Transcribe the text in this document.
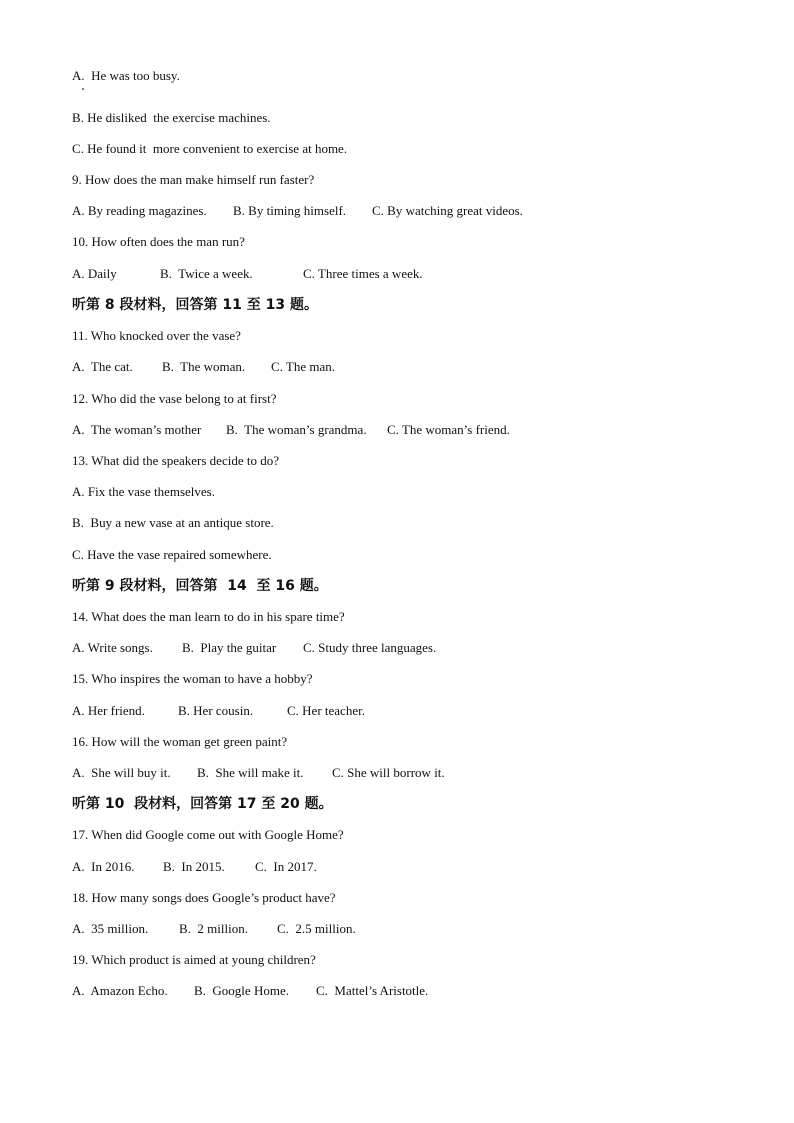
A.  He was too busy.
B. He disliked  the exercise machines.
C. He found it  more convenient to exercise at home.
9. How does the man make himself run faster?
A. By reading magazines. B. By timing himself. C. By watching great videos.
10. How often does the man run?
A. Daily	B.  Twice a week.	C. Three times a week.
听第 8 段材料，回答第 11 至 13 题。
11. Who knocked over the vase?
A.  The cat. B.  The woman. C. The man.
12. Who did the vase belong to at first?
A.  The woman’s mother B.  The woman’s grandma. C. The woman’s friend.
13. What did the speakers decide to do?
A. Fix the vase themselves.
B.  Buy a new vase at an antique store.
C. Have the vase repaired somewhere.
听第 9 段材料，回答第  14  至 16 题。
14. What does the man learn to do in his spare time?
A. Write songs. B.  Play the guitar C. Study three languages.
15. Who inspires the woman to have a hobby?
A. Her friend.	B. Her cousin.	C. Her teacher.
16. How will the woman get green paint?
A.  She will buy it. B.  She will make it. C. She will borrow it.
听第 10  段材料，回答第 17 至 20 题。
17. When did Google come out with Google Home?
A.  In 2016. B.  In 2015. C.  In 2017.
18. How many songs does Google’s product have?
A.  35 million. B.  2 million. C.  2.5 million.
19. Which product is aimed at young children?
A.  Amazon Echo. B.  Google Home. C.  Mattel’s Aristotle.
